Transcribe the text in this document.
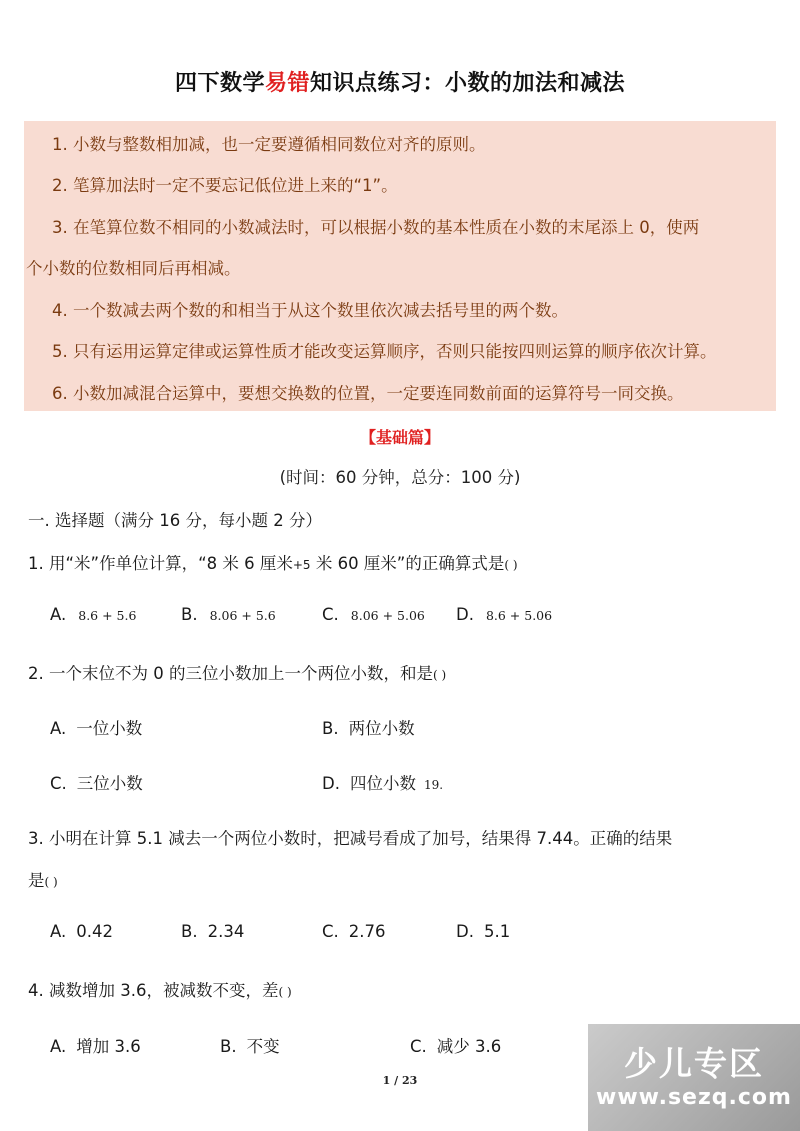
四下数学易错知识点练习：小数的加法和减法
1. 小数与整数相加减，也一定要遵循相同数位对齐的原则。
2. 笔算加法时一定不要忘记低位进上来的“1”。
3. 在笔算位数不相同的小数减法时，可以根据小数的基本性质在小数的末尾添上 0，使两
个小数的位数相同后再相减。
4. 一个数减去两个数的和相当于从这个数里依次减去括号里的两个数。
5. 只有运用运算定律或运算性质才能改变运算顺序，否则只能按四则运算的顺序依次计算。
6. 小数加减混合运算中，要想交换数的位置，一定要连同数前面的运算符号一同交换。
【基础篇】
(时间：60 分钟，总分：100 分)
一. 选择题（满分 16 分，每小题 2 分）
1. 用“米”作单位计算，“8 米 6 厘米+5 米 60 厘米”的正确算式是( )
A. 8.6 + 5.6	B. 8.06 + 5.6	C. 8.06 + 5.06 D. 8.6 + 5.06
2. 一个末位不为 0 的三位小数加上一个两位小数，和是( )
A. 一位小数	B. 两位小数
C. 三位小数	D. 四位小数 19.
3. 小明在计算 5.1 减去一个两位小数时，把减号看成了加号，结果得 7.44。正确的结果
是( )
A. 0.42	B. 2.34	C. 2.76	D. 5.1
4. 减数增加 3.6，被减数不变，差( )
A. 增加 3.6	B. 不变	C. 减少 3.6
1 / 23	少儿专区
www.sezq.com
